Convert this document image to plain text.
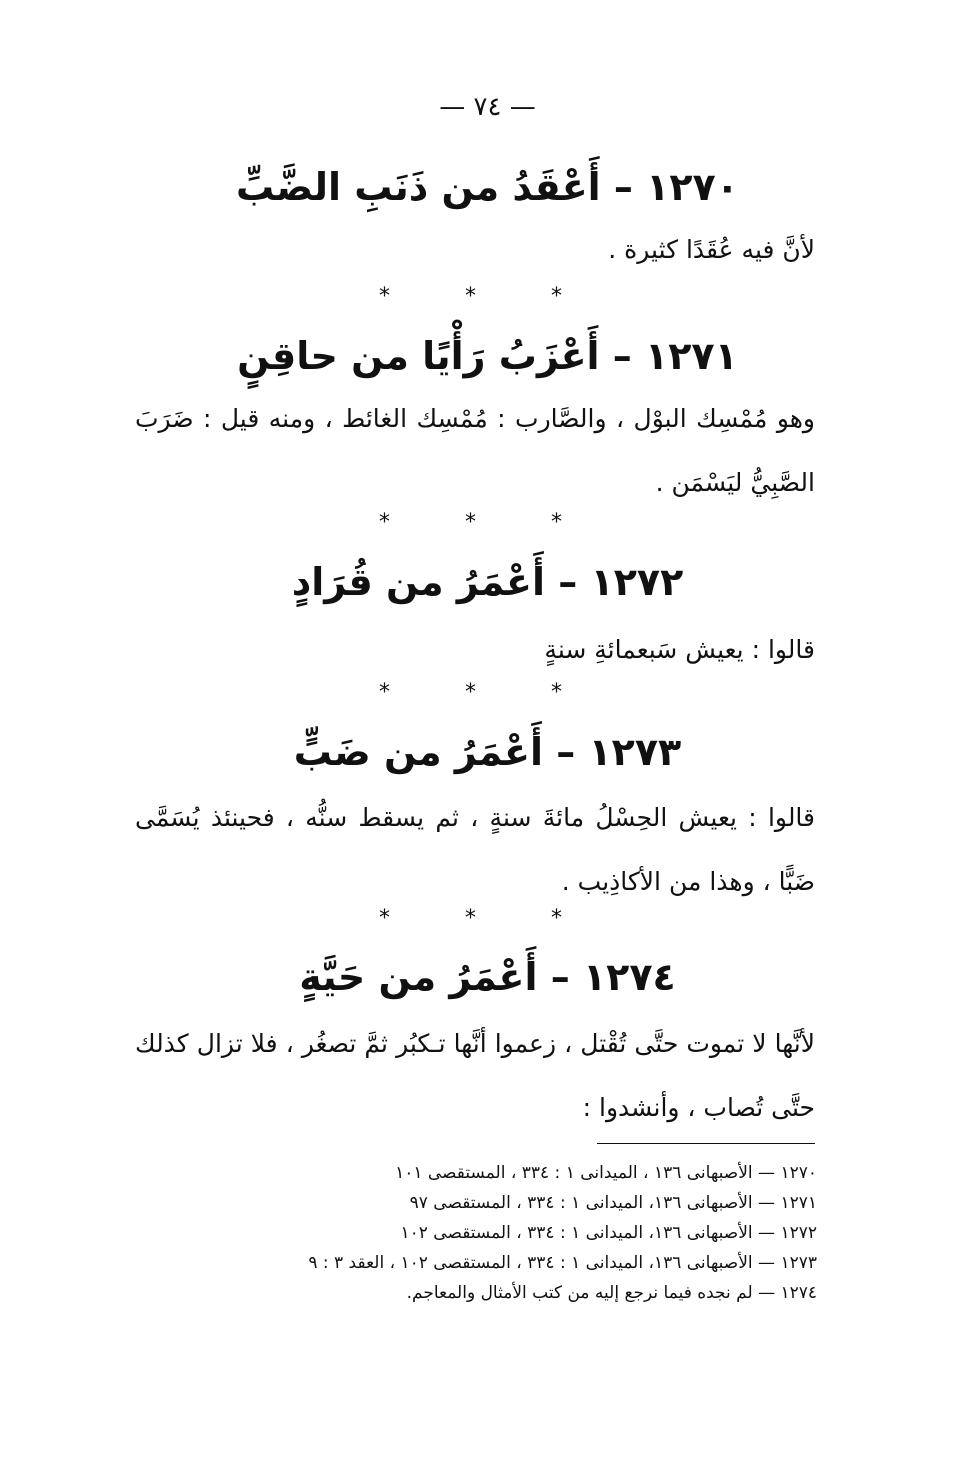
— ٧٤ —
١٢٧٠ – أَعْقَدُ من ذَنَبِ الضَّبِّ
لأنَّ فيه عُقَدًا كثيرة .
* * *
١٢٧١ – أَعْزَبُ رَأْيًا من حاقِنٍ
وهو مُمْسِك البوْل ، والصَّارب : مُمْسِك الغائط ، ومنه قيل : ضَرَبَ الصَّبِيُّ ليَسْمَن .
* * *
١٢٧٢ – أَعْمَرُ من قُرَادٍ
قالوا : يعيش سَبعمائةِ سنةٍ
* * *
١٢٧٣ – أَعْمَرُ من ضَبٍّ
قالوا : يعيش الحِسْلُ مائةَ سنةٍ ، ثم يسقط سنُّه ، فحينئذ يُسَمَّى ضَبًّا ، وهذا من الأكاذِيب .
* * *
١٢٧٤ – أَعْمَرُ من حَيَّةٍ
لأنَّها لا تموت حتَّى تُقْتل ، زعموا أنَّها تـكبُر ثمَّ تصغُر ، فلا تزال كذلك حتَّى تُصاب ، وأنشدوا :
١٢٧٠ — الأصبهانى ١٣٦ ، الميدانى ١ : ٣٣٤ ، المستقصى ١٠١
١٢٧١ — الأصبهانى ١٣٦، الميدانى ١ : ٣٣٤ ، المستقصى ٩٧
١٢٧٢ — الأصبهانى ١٣٦، الميدانى ١ : ٣٣٤ ، المستقصى ١٠٢
١٢٧٣ — الأصبهانى ١٣٦، الميدانى ١ : ٣٣٤ ، المستقصى ١٠٢ ، العقد ٣ : ٩
١٢٧٤ — لم نجده فيما نرجع إليه من كتب الأمثال والمعاجم.
